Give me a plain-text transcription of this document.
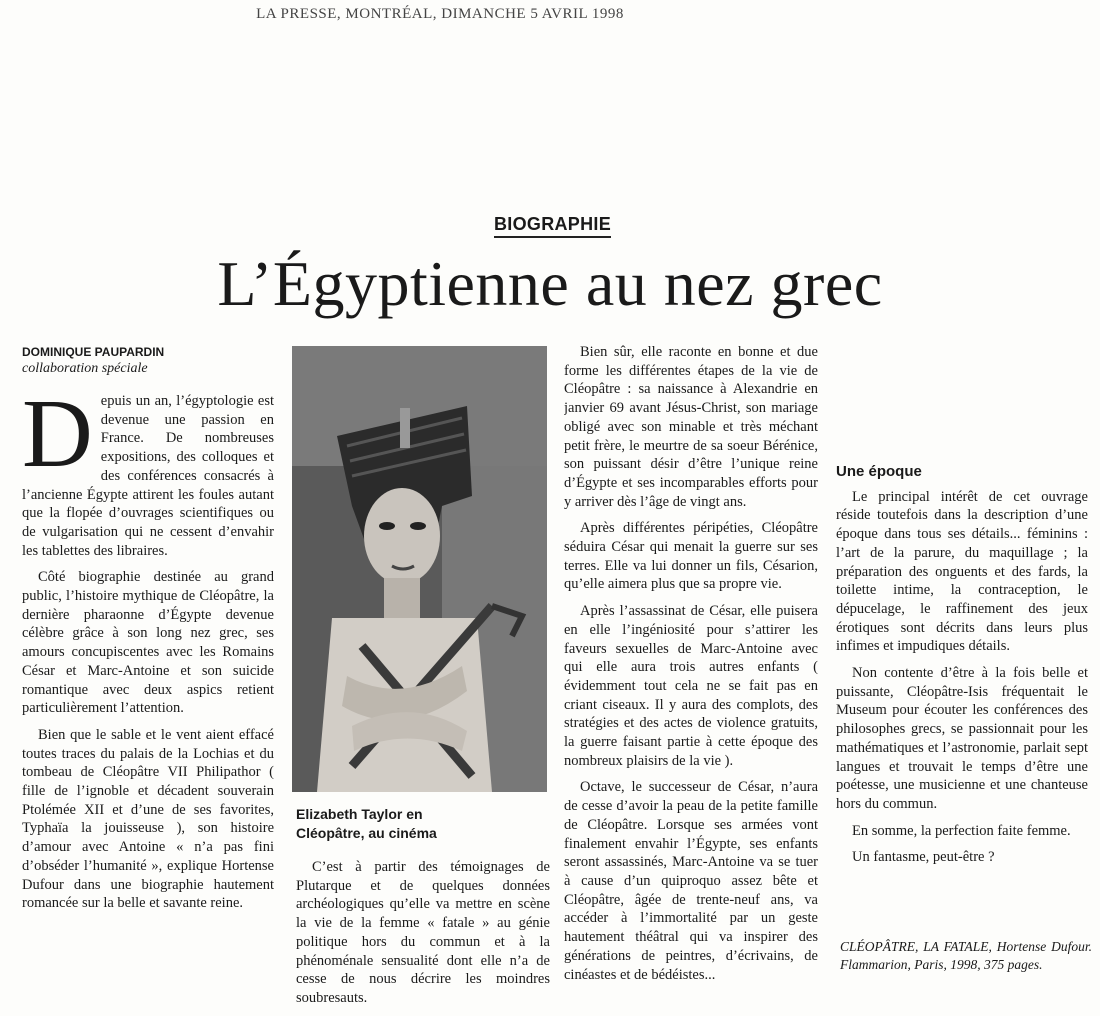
LA PRESSE, MONTRÉAL, DIMANCHE 5 AVRIL 1998
BIOGRAPHIE
L’Égyptienne au nez grec
DOMINIQUE PAUPARDIN
collaboration spéciale

Depuis un an, l’égyptologie est devenue une passion en France. De nombreuses expositions, des colloques et des conférences consacrés à l’ancienne Égypte attirent les foules autant que la flopée d’ouvrages scientifiques ou de vulgarisation qui ne cessent d’envahir les tablettes des libraires.

Côté biographie destinée au grand public, l’histoire mythique de Cléopâtre, la dernière pharaonne d’Égypte devenue célèbre grâce à son long nez grec, ses amours concupiscentes avec les Romains César et Marc-Antoine et son suicide romantique avec deux aspics retient particulièrement l’attention.

Bien que le sable et le vent aient effacé toutes traces du palais de la Lochias et du tombeau de Cléopâtre VII Philipathor ( fille de l’ignoble et décadent souverain Ptolémée XII et d’une de ses favorites, Typhaïa la jouisseuse ), son histoire d’amour avec Antoine « n’a pas fini d’obséder l’humanité », explique Hortense Dufour dans une biographie hautement romancée sur la belle et savante reine.

Elizabeth Taylor en
Cléopâtre, au cinéma

C’est à partir des témoignages de Plutarque et de quelques données archéologiques qu’elle va mettre en scène la vie de la femme « fatale » au génie politique hors du commun et à la phénoménale sensualité dont elle n’a de cesse de nous décrire les moindres soubresauts.

Bien sûr, elle raconte en bonne et due forme les différentes étapes de la vie de Cléopâtre : sa naissance à Alexandrie en janvier 69 avant Jésus-Christ, son mariage obligé avec son minable et très méchant petit frère, le meurtre de sa soeur Bérénice, son puissant désir d’être l’unique reine d’Égypte et ses incomparables efforts pour y arriver dès l’âge de vingt ans.

Après différentes péripéties, Cléopâtre séduira César qui menait la guerre sur ses terres. Elle va lui donner un fils, Césarion, qu’elle aimera plus que sa propre vie.

Après l’assassinat de César, elle puisera en elle l’ingéniosité pour s’attirer les faveurs sexuelles de Marc-Antoine avec qui elle aura trois autres enfants ( évidemment tout cela ne se fait pas en criant ciseaux. Il y aura des complots, des stratégies et des actes de violence gratuits, la guerre faisant partie à cette époque des nombreux plaisirs de la vie ).

Octave, le successeur de César, n’aura de cesse d’avoir la peau de la petite famille de Cléopâtre. Lorsque ses armées vont finalement envahir l’Égypte, ses enfants seront assassinés, Marc-Antoine va se tuer à cause d’un quiproquo assez bête et Cléopâtre, âgée de trente-neuf ans, va accéder à l’immortalité par un geste hautement théâtral qui va inspirer des générations de peintres, d’écrivains, de cinéastes et de bédéistes...

Une époque

Le principal intérêt de cet ouvrage réside toutefois dans la description d’une époque dans tous ses détails... féminins : l’art de la parure, du maquillage ; la préparation des onguents et des fards, la toilette intime, la contraception, le dépucelage, le raffinement des jeux érotiques sont décrits dans leurs plus infimes et impudiques détails.

Non contente d’être à la fois belle et puissante, Cléopâtre-Isis fréquentait le Museum pour écouter les conférences des philosophes grecs, se passionnait pour les mathématiques et l’astronomie, parlait sept langues et trouvait le temps d’être une poétesse, une musicienne et une chanteuse hors du commun.

En somme, la perfection faite femme.

Un fantasme, peut-être ?

CLÉOPÂTRE, LA FATALE, Hortense Dufour. Flammarion, Paris, 1998, 375 pages.
